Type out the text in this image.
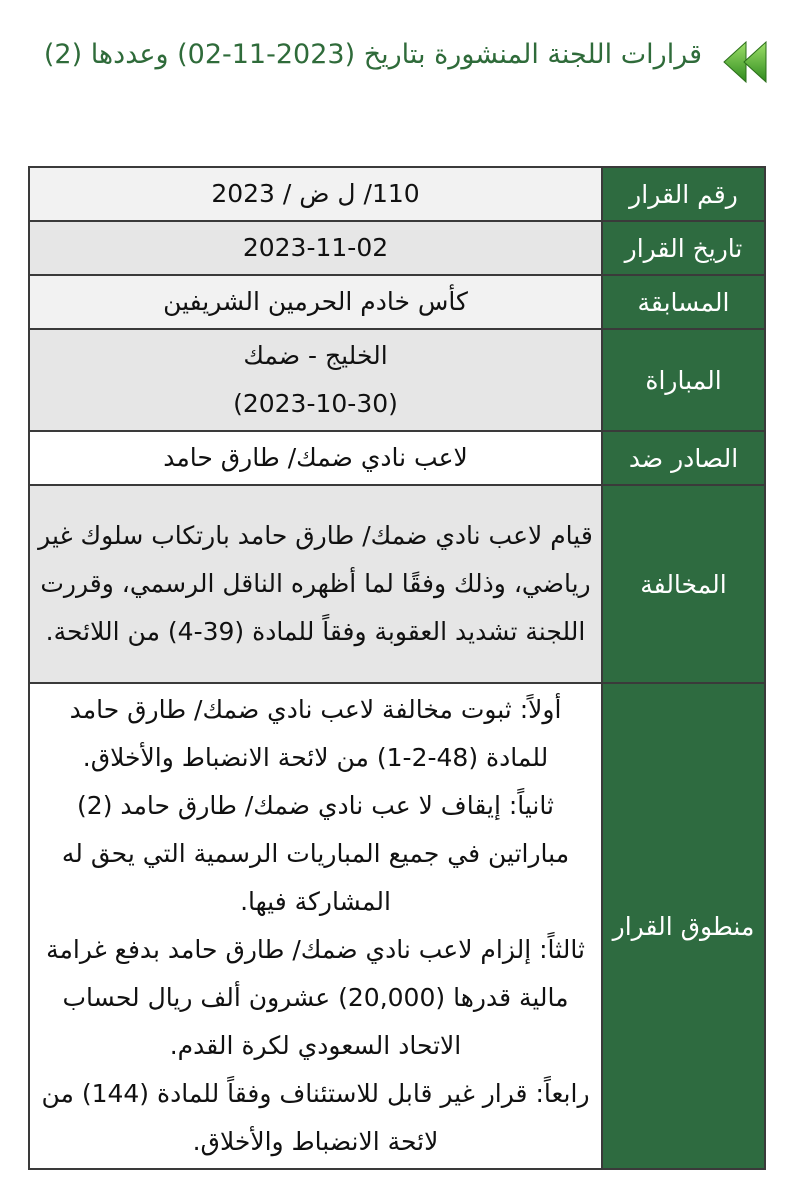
قرارات اللجنة المنشورة بتاريخ (2023-11-02) وعددها (2)
رقم القرار	110/ ل ض / 2023
تاريخ القرار	2023-11-02
المسابقة	كأس خادم الحرمين الشريفين
المباراة	الخليج - ضمك
(2023-10-30)

الصادر ضد	لاعب نادي ضمك/ طارق حامد
المخالفة	قيام لاعب نادي ضمك/ طارق حامد بارتكاب سلوك غير رياضي، وذلك وفقًا لما أظهره الناقل الرسمي، وقررت اللجنة تشديد العقوبة وفقاً للمادة (39-4) من اللائحة.
منطوق القرار	أولاً: ثبوت مخالفة لاعب نادي ضمك/ طارق حامد للمادة (48-2-1) من لائحة الانضباط والأخلاق.
ثانياً: إيقاف لا عب نادي ضمك/ طارق حامد (2) مباراتين في جميع المباريات الرسمية التي يحق له المشاركة فيها.
ثالثاً: إلزام لاعب نادي ضمك/ طارق حامد بدفع غرامة مالية قدرها (20,000) عشرون ألف ريال لحساب الاتحاد السعودي لكرة القدم.
رابعاً: قرار غير قابل للاستئناف وفقاً للمادة (144) من لائحة الانضباط والأخلاق.
